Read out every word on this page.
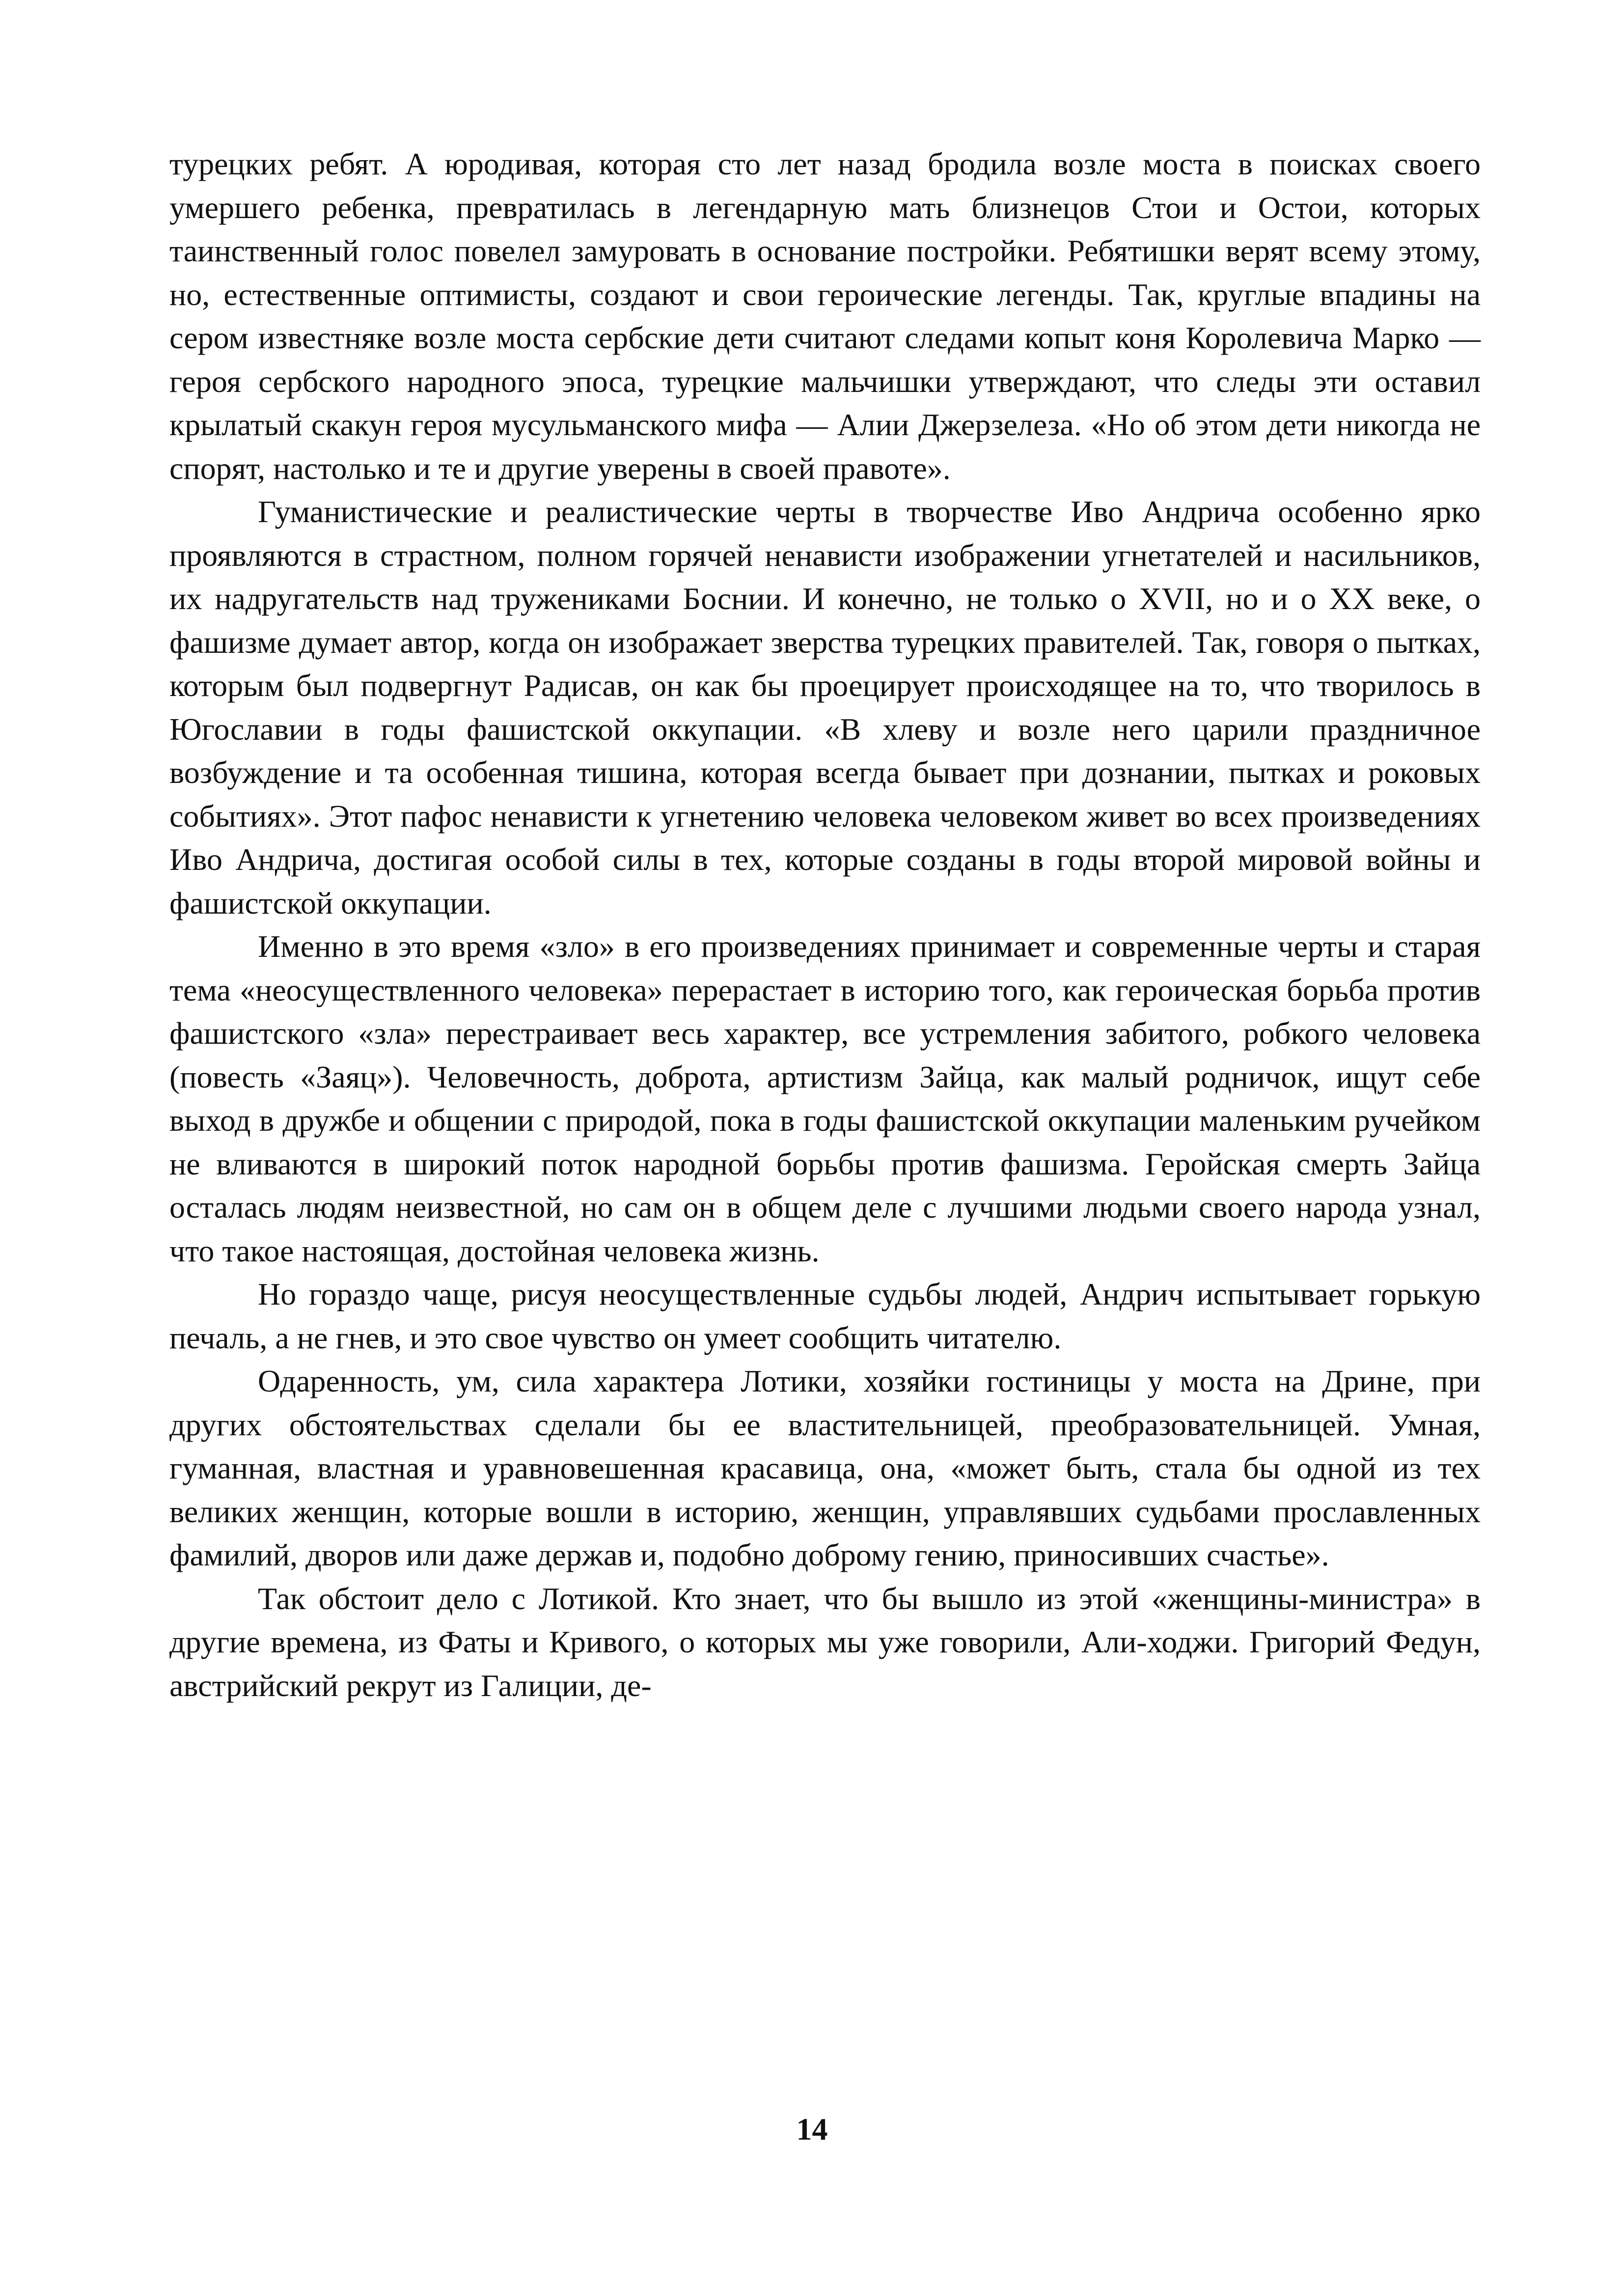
турецких ребят. А юродивая, которая сто лет назад бродила возле моста в поисках своего умершего ребенка, превратилась в легендарную мать близнецов Стои и Остои, которых таинственный голос повелел замуровать в основание постройки. Ребятишки верят всему этому, но, естественные оптимисты, создают и свои героические легенды. Так, круглые впадины на сером известняке возле моста сербские дети считают следами копыт коня Королевича Марко — героя сербского народного эпоса, турецкие мальчишки утверждают, что следы эти оставил крылатый скакун героя мусульманского мифа — Алии Джерзелеза. «Но об этом дети никогда не спорят, настолько и те и другие уверены в своей правоте».

Гуманистические и реалистические черты в творчестве Иво Андрича особенно ярко проявляются в страстном, полном горячей ненависти изображении угнетателей и насильников, их надругательств над тружениками Боснии. И конечно, не только о XVII, но и о XX веке, о фашизме думает автор, когда он изображает зверства турецких правителей. Так, говоря о пытках, которым был подвергнут Радисав, он как бы проецирует происходящее на то, что творилось в Югославии в годы фашистской оккупации. «В хлеву и возле него царили праздничное возбуждение и та особенная тишина, которая всегда бывает при дознании, пытках и роковых событиях». Этот пафос ненависти к угнетению человека человеком живет во всех произведениях Иво Андрича, достигая особой силы в тех, которые созданы в годы второй мировой войны и фашистской оккупации.

Именно в это время «зло» в его произведениях принимает и современные черты и старая тема «неосуществленного человека» перерастает в историю того, как героическая борьба против фашистского «зла» перестраивает весь характер, все устремления забитого, робкого человека (повесть «Заяц»). Человечность, доброта, артистизм Зайца, как малый родничок, ищут себе выход в дружбе и общении с природой, пока в годы фашистской оккупации маленьким ручейком не вливаются в широкий поток народной борьбы против фашизма. Геройская смерть Зайца осталась людям неизвестной, но сам он в общем деле с лучшими людьми своего народа узнал, что такое настоящая, достойная человека жизнь.

Но гораздо чаще, рисуя неосуществленные судьбы людей, Андрич испытывает горькую печаль, а не гнев, и это свое чувство он умеет сообщить читателю.

Одаренность, ум, сила характера Лотики, хозяйки гостиницы у моста на Дрине, при других обстоятельствах сделали бы ее властительницей, преобразовательницей. Умная, гуманная, властная и уравновешенная красавица, она, «может быть, стала бы одной из тех великих женщин, которые вошли в историю, женщин, управлявших судьбами прославленных фамилий, дворов или даже держав и, подобно доброму гению, приносивших счастье».

Так обстоит дело с Лотикой. Кто знает, что бы вышло из этой «женщины-министра» в другие времена, из Фаты и Кривого, о которых мы уже говорили, Али-ходжи. Григорий Федун, австрийский рекрут из Галиции, де-

14
